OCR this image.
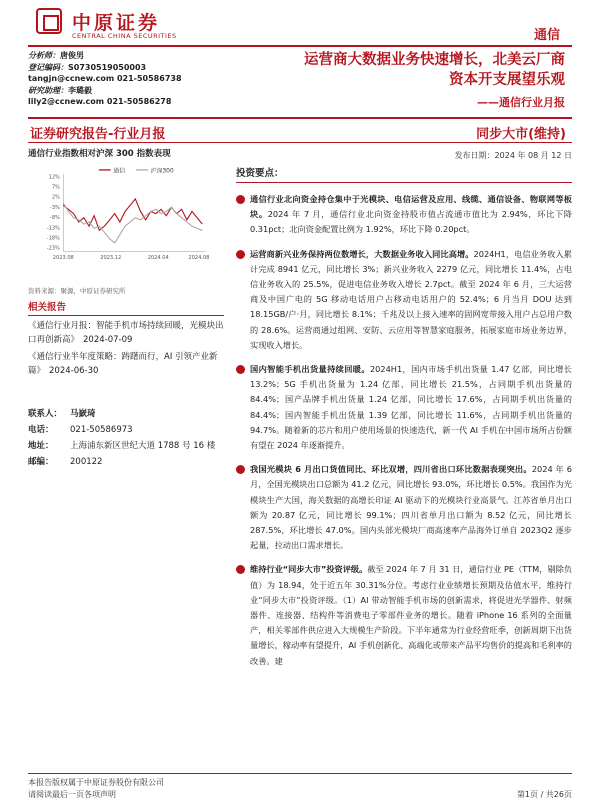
中原证券
CENTRAL CHINA SECURITIES	通信
分析师：唐俊男
登记编码：S0730519050003
tangjn@ccnew.com 021-50586738
研究助理：李璐毅
lily2@ccnew.com 021-50586278
运营商大数据业务快速增长，北美云厂商
资本开支展望乐观
——通信行业月报
证券研究报告-行业月报	同步大市(维持)
通信行业指数相对沪深 300 指数表现
通信	沪深300
12%
7%
2%
-3%
-8%
-13%
-18%
-23%
2023.08	2023.12	2024.04	2024.08
资料来源：聚源，中原证券研究所
相关报告
《通信行业月报：智能手机市场持续回暖，光模块出口再创新高》 2024-07-09
《通信行业半年度策略：踌躇而行，AI 引领产业新篇》 2024-06-30
联系人： 马嶔琦
电话：	021-50586973
地址：	上海浦东新区世纪大道 1788 号 16 楼
邮编：	200122
发布日期：2024 年 08 月 12 日
投资要点：

通信行业北向资金持仓集中于光模块、电信运营及应用、线缆、通信设备、物联网等板块。2024 年 7 月，通信行业北向资金持股市值占流通市值比为 2.94%，环比下降 0.31pct；北向资金配置比例为 1.92%，环比下降 0.20pct。

运营商新兴业务保持两位数增长，大数据业务收入同比高增。2024H1，电信业务收入累计完成 8941 亿元，同比增长 3%；新兴业务收入 2279 亿元，同比增长 11.4%，占电信业务收入的 25.5%，促进电信业务收入增长 2.7pct。截至 2024 年 6 月，三大运营商及中国广电的 5G 移动电话用户占移动电话用户的 52.4%；6 月当月 DOU 达到 18.15GB/户·月，同比增长 8.1%；千兆及以上接入速率的固网宽带接入用户占总用户数的 28.6%。运营商通过组网、安防、云应用等智慧家庭服务，拓展家庭市场业务边界，实现收入增长。

国内智能手机出货量持续回暖。2024H1，国内市场手机出货量 1.47 亿部，同比增长 13.2%；5G 手机出货量为 1.24 亿部，同比增长 21.5%，占同期手机出货量的 84.4%；国产品牌手机出货量 1.24 亿部，同比增长 17.6%，占同期手机出货量的 84.4%；国内智能手机出货量 1.39 亿部，同比增长 11.6%，占同期手机出货量的 94.7%。随着新的芯片和用户使用场景的快速迭代，新一代 AI 手机在中国市场所占份额有望在 2024 年逐渐提升。

我国光模块 6 月出口货值同比、环比双增，四川省出口环比数据表现突出。2024 年 6 月，全国光模块出口总额为 41.2 亿元，同比增长 93.0%，环比增长 0.5%。我国作为光模块生产大国，海关数据的高增长印证 AI 驱动下的光模块行业高景气。江苏省单月出口额为 20.87 亿元，同比增长 99.1%；四川省单月出口额为 8.52 亿元，同比增长 287.5%，环比增长 47.0%。国内头部光模块厂商高速率产品海外订单自 2023Q2 逐步起量，拉动出口需求增长。

维持行业“同步大市”投资评级。截至 2024 年 7 月 31 日，通信行业 PE（TTM，剔除负值）为 18.94，处于近五年 30.31%分位。考虑行业业绩增长预期及估值水平，维持行业“同步大市”投资评级。（1）AI 带动智能手机市场的创新需求，将促进光学器件、射频器件、连接器、结构件等消费电子零部件业务的增长。随着 iPhone 16 系列的全面量产，相关零部件供应进入大规模生产阶段。下半年通常为行业经营旺季，创新周期下出货量增长，稼动率有望提升，AI 手机创新化、高端化或带来产品平均售价的提高和毛利率的改善。建

本报告版权属于中原证券股份有限公司
请阅读最后一页各项声明	第1页 / 共26页
